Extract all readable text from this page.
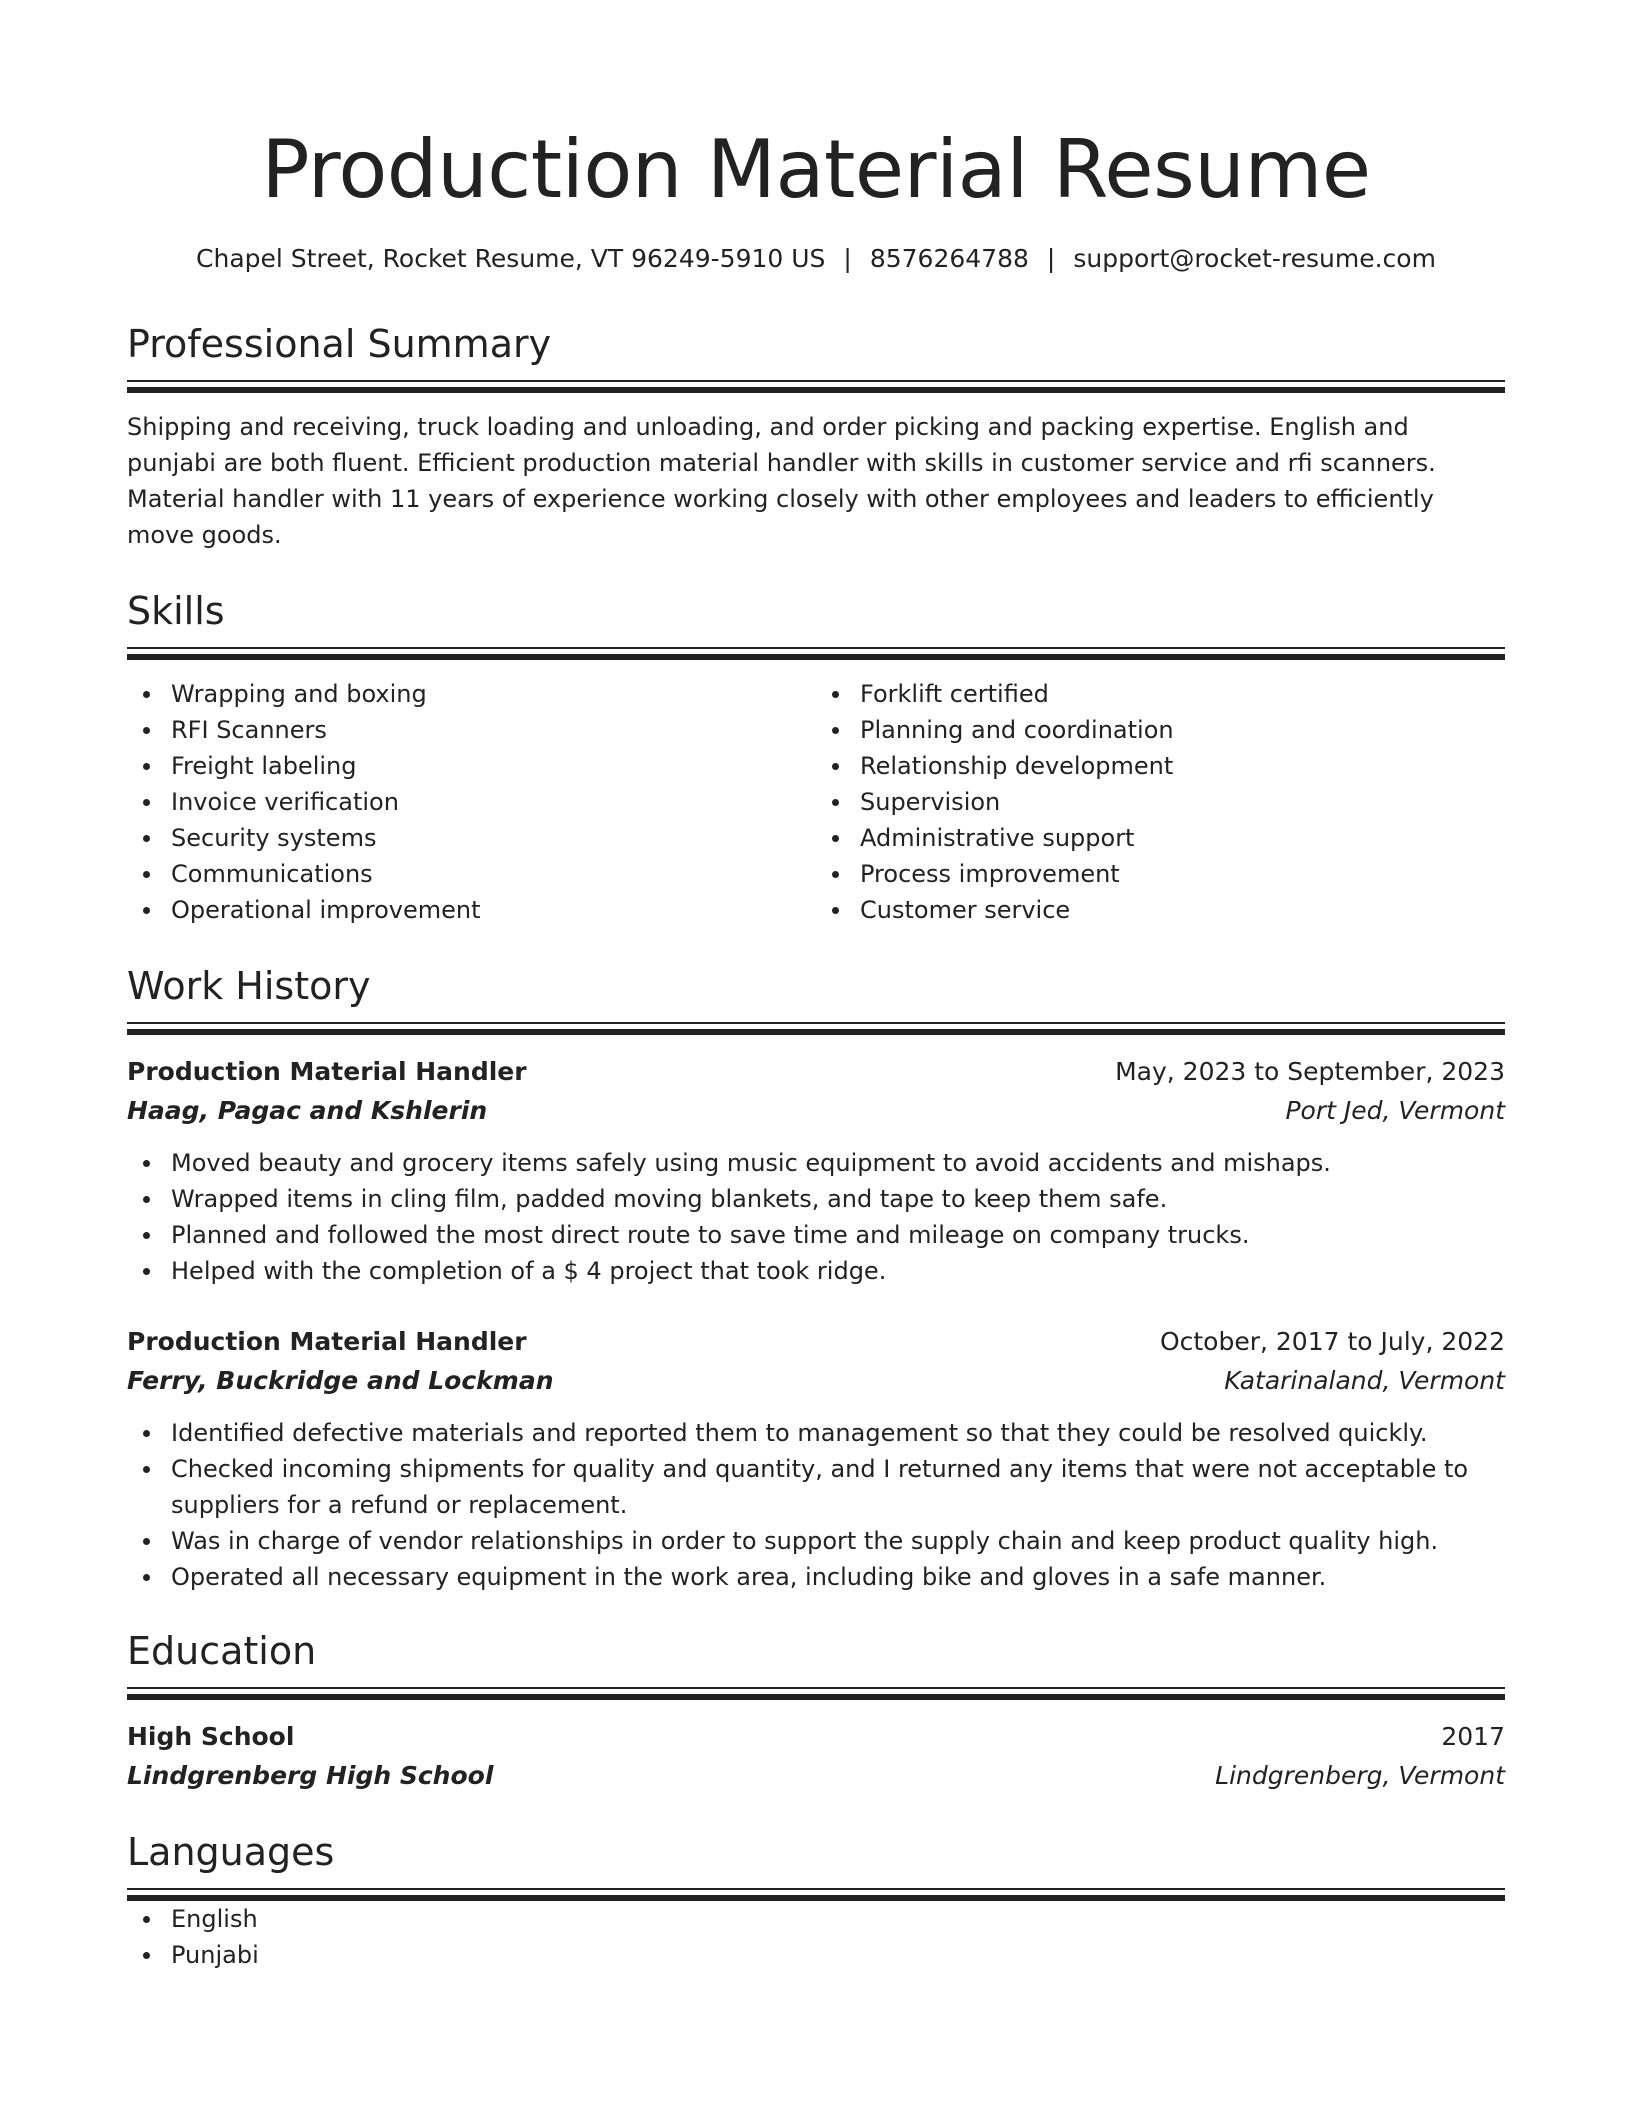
Production Material Resume
Chapel Street, Rocket Resume, VT 96249-5910 US | 8576264788 | support@rocket-resume.com
Professional Summary

Shipping and receiving, truck loading and unloading, and order picking and packing expertise. English and punjabi are both fluent. Efficient production material handler with skills in customer service and rfi scanners. Material handler with 11 years of experience working closely with other employees and leaders to efficiently move goods.

Skills
Wrapping and boxing
RFI Scanners
Freight labeling
Invoice verification
Security systems
Communications
Operational improvement
Forklift certified
Planning and coordination
Relationship development
Supervision
Administrative support
Process improvement
Customer service
Work History
Production Material Handler	May, 2023 to September, 2023
Haag, Pagac and Kshlerin	Port Jed, Vermont
Moved beauty and grocery items safely using music equipment to avoid accidents and mishaps.
Wrapped items in cling film, padded moving blankets, and tape to keep them safe.
Planned and followed the most direct route to save time and mileage on company trucks.
Helped with the completion of a $ 4 project that took ridge.
Production Material Handler	October, 2017 to July, 2022
Ferry, Buckridge and Lockman	Katarinaland, Vermont
Identified defective materials and reported them to management so that they could be resolved quickly.
Checked incoming shipments for quality and quantity, and I returned any items that were not acceptable to suppliers for a refund or replacement.
Was in charge of vendor relationships in order to support the supply chain and keep product quality high.
Operated all necessary equipment in the work area, including bike and gloves in a safe manner.
Education
High School	2017
Lindgrenberg High School	Lindgrenberg, Vermont
Languages
English
Punjabi
